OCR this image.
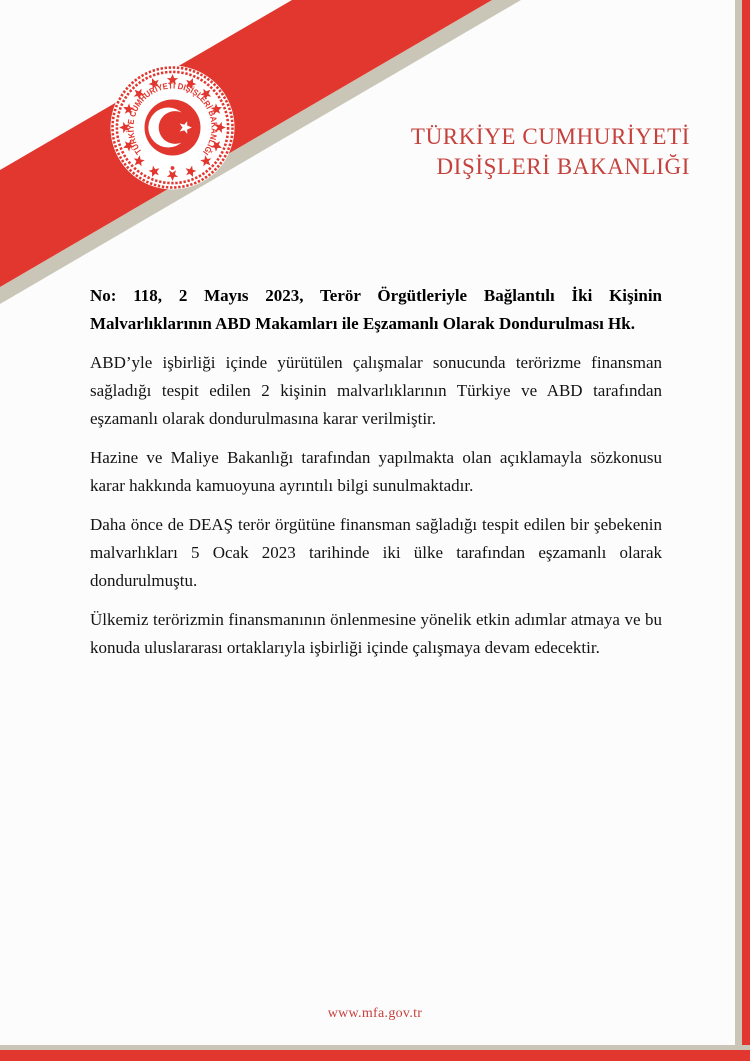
TÜRKİYE CUMHURİYETİ DIŞİŞLERİ BAKANLIĞI
TÜRKİYE CUMHURİYETİ
DIŞİŞLERİ BAKANLIĞI

No: 118, 2 Mayıs 2023, Terör Örgütleriyle Bağlantılı İki Kişinin Malvarlıklarının ABD Makamları ile Eşzamanlı Olarak Dondurulması Hk.

ABD’yle işbirliği içinde yürütülen çalışmalar sonucunda terörizme finansman sağladığı tespit edilen 2 kişinin malvarlıklarının Türkiye ve ABD tarafından eşzamanlı olarak dondurulmasına karar verilmiştir.

Hazine ve Maliye Bakanlığı tarafından yapılmakta olan açıklamayla sözkonusu karar hakkında kamuoyuna ayrıntılı bilgi sunulmaktadır.

Daha önce de DEAŞ terör örgütüne finansman sağladığı tespit edilen bir şebekenin malvarlıkları 5 Ocak 2023 tarihinde iki ülke tarafından eşzamanlı olarak dondurulmuştu.

Ülkemiz terörizmin finansmanının önlenmesine yönelik etkin adımlar atmaya ve bu konuda uluslararası ortaklarıyla işbirliği içinde çalışmaya devam edecektir.

www.mfa.gov.tr
